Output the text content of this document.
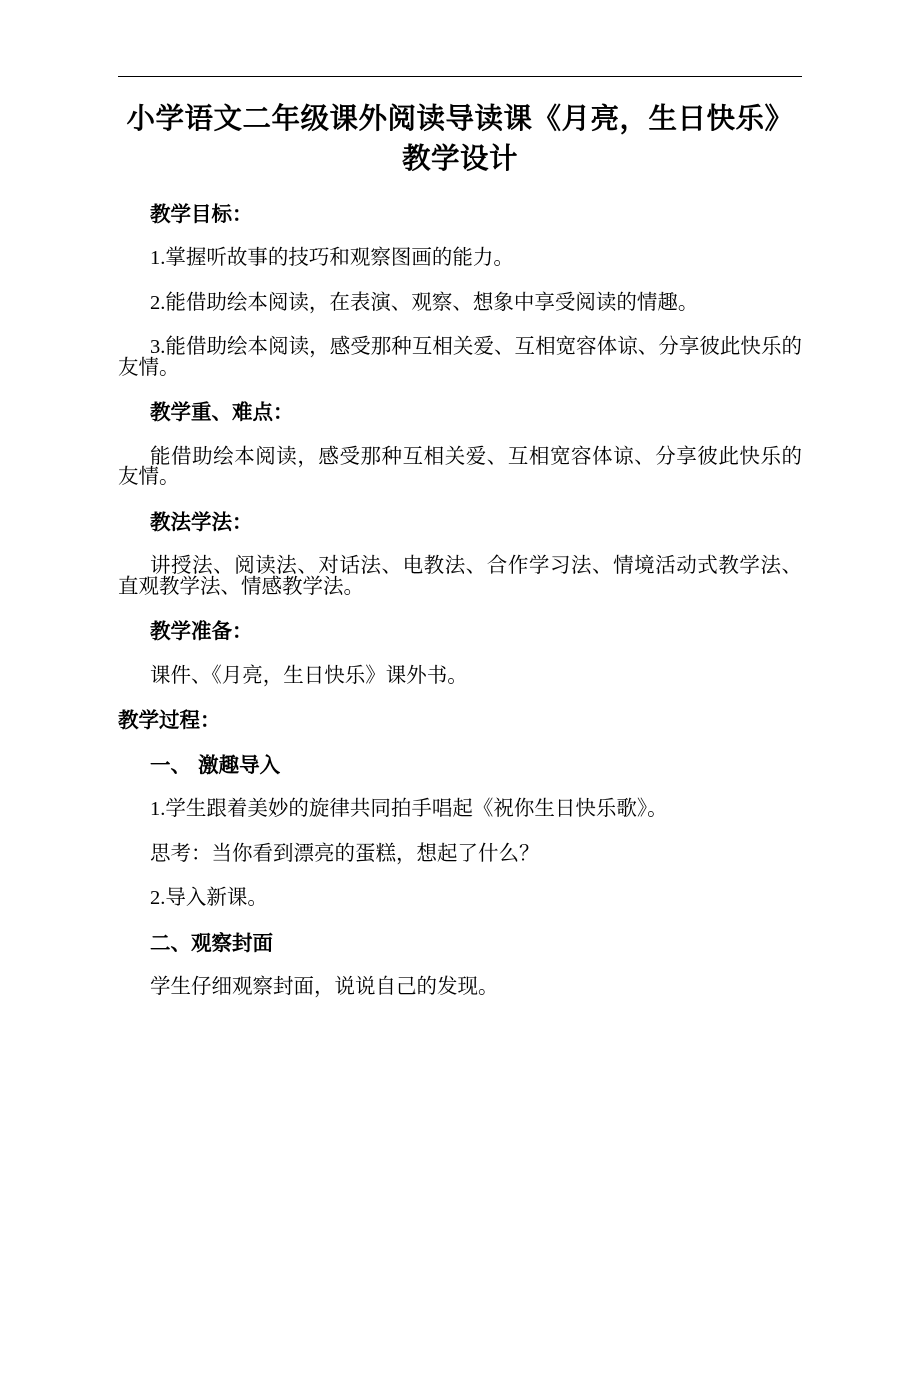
小学语文二年级课外阅读导读课《月亮，生日快乐》教学设计

教学目标：

1.掌握听故事的技巧和观察图画的能力。

2.能借助绘本阅读，在表演、观察、想象中享受阅读的情趣。

3.能借助绘本阅读，感受那种互相关爱、互相宽容体谅、分享彼此快乐的友情。

教学重、难点：

能借助绘本阅读，感受那种互相关爱、互相宽容体谅、分享彼此快乐的友情。

教法学法：

讲授法、阅读法、对话法、电教法、合作学习法、情境活动式教学法、直观教学法、情感教学法。

教学准备：

课件、《月亮，生日快乐》课外书。

教学过程：

一、 激趣导入

1.学生跟着美妙的旋律共同拍手唱起《祝你生日快乐歌》。

思考：当你看到漂亮的蛋糕，想起了什么？

2.导入新课。

二、观察封面

学生仔细观察封面，说说自己的发现。
